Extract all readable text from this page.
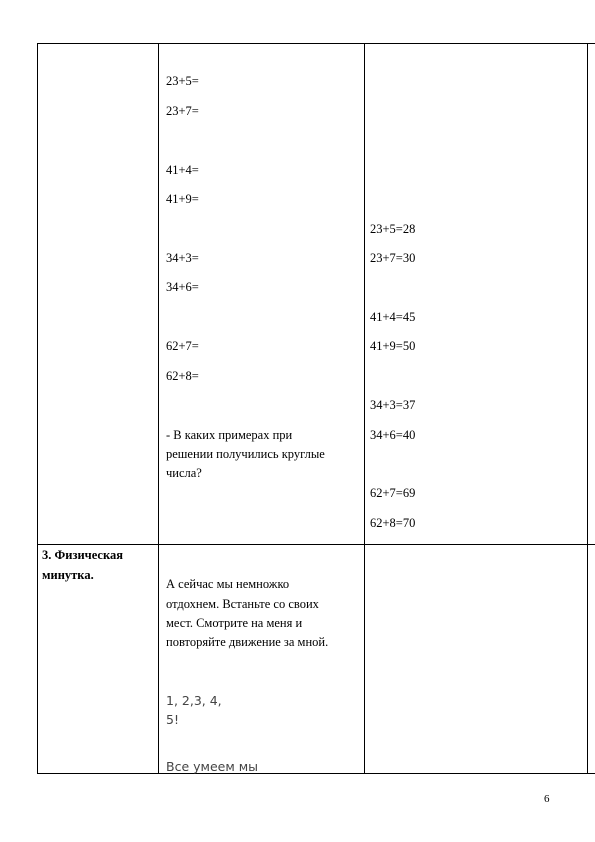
23+5=
23+7=
41+4=
41+9=
34+3=
34+6=
62+7=
62+8=
- В каких примерах при
решении получились круглые
числа?
23+5=28
23+7=30
41+4=45
41+9=50
34+3=37
34+6=40
62+7=69
62+8=70
3. Физическая
минутка.
А сейчас мы немножко
отдохнем. Встаньте со своих
мест. Смотрите на меня и
повторяйте движение за мной.
1, 2,3, 4,
5!
Все умеем мы
6
